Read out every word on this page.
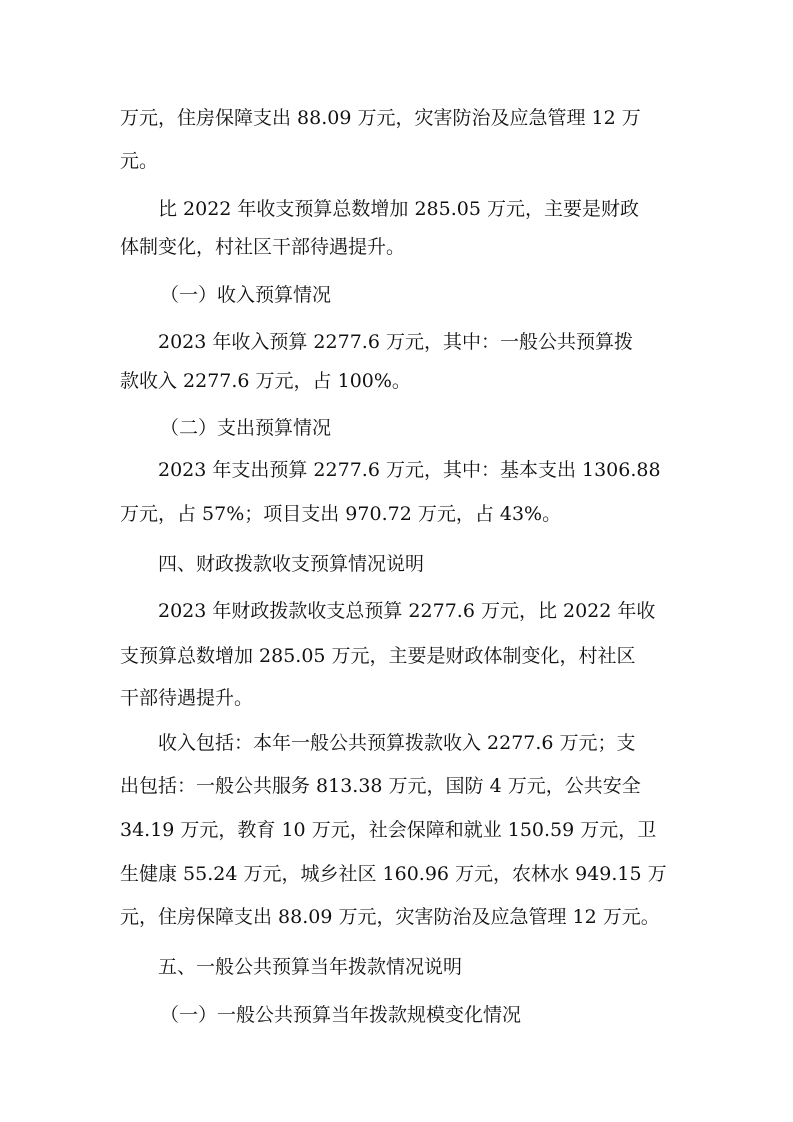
万元，住房保障支出 88.09 万元，灾害防治及应急管理 12 万
元。
比 2022 年收支预算总数增加 285.05 万元，主要是财政
体制变化，村社区干部待遇提升。
（一）收入预算情况
2023 年收入预算 2277.6 万元，其中：一般公共预算拨
款收入 2277.6 万元，占 100%。
（二）支出预算情况
2023 年支出预算 2277.6 万元，其中：基本支出 1306.88
万元，占 57%；项目支出 970.72 万元，占 43%。
四、财政拨款收支预算情况说明
2023 年财政拨款收支总预算 2277.6 万元，比 2022 年收
支预算总数增加 285.05 万元，主要是财政体制变化，村社区
干部待遇提升。
收入包括：本年一般公共预算拨款收入 2277.6 万元；支
出包括：一般公共服务 813.38 万元，国防 4 万元，公共安全
34.19 万元，教育 10 万元，社会保障和就业 150.59 万元，卫
生健康 55.24 万元，城乡社区 160.96 万元，农林水 949.15 万
元，住房保障支出 88.09 万元，灾害防治及应急管理 12 万元。
五、一般公共预算当年拨款情况说明
（一）一般公共预算当年拨款规模变化情况
